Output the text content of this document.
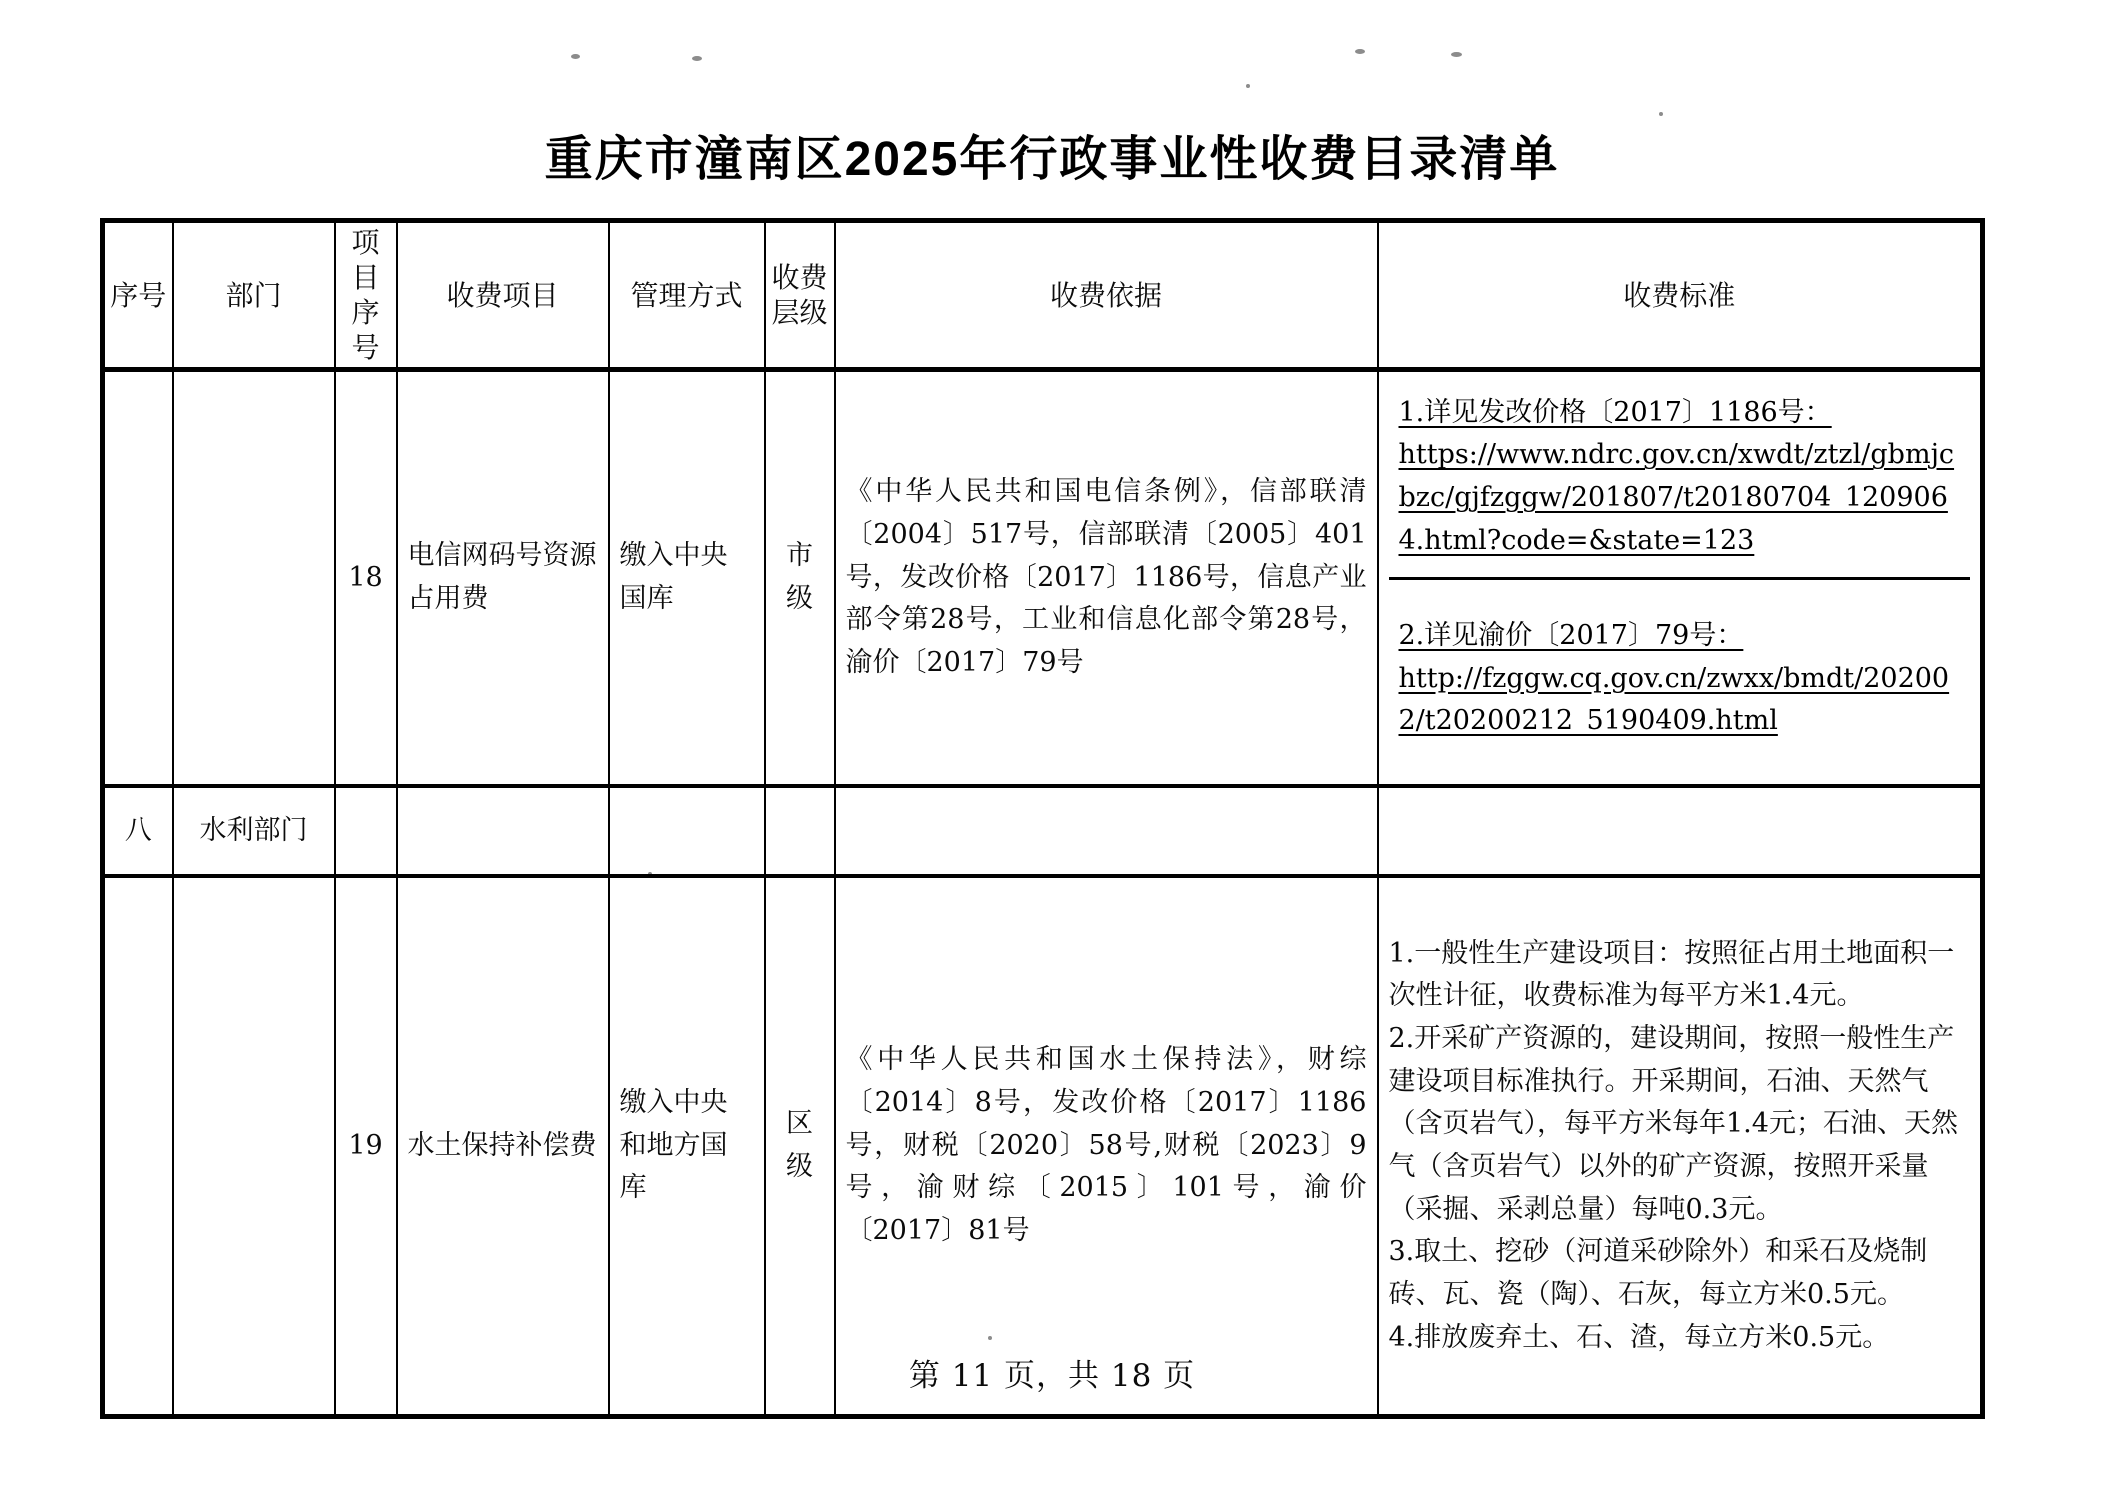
重庆市潼南区2025年行政事业性收费目录清单
序号	部门	项目序号	收费项目	管理方式	收费层级	收费依据	收费标准
		18	电信网码号资源占用费	缴入中央国库	市级	《中华人民共和国电信条例》，信部联清〔2004〕517号，信部联清〔2005〕401号，发改价格〔2017〕1186号，信息产业部令第28号，工业和信息化部令第28号，渝价〔2017〕79号	1.详见发改价格〔2017〕1186号：
https://www.ndrc.gov.cn/xwdt/ztzl/gbmjcbzc/gjfzggw/201807/t20180704_1209064.html?code=&state=123
2.详见渝价〔2017〕79号：
http://fzggw.cq.gov.cn/zwxx/bmdt/202002/t20200212_5190409.html

八	水利部门						
		19	水土保持补偿费	缴入中央和地方国库	区级	《中华人民共和国水土保持法》，财综〔2014〕8号，发改价格〔2017〕1186号，财税〔2020〕58号,财税〔2023〕9号，渝财综〔2015〕101号，渝价〔2017〕81号	1.一般性生产建设项目：按照征占用土地面积一次性计征，收费标准为每平方米1.4元。
2.开采矿产资源的，建设期间，按照一般性生产建设项目标准执行。开采期间，石油、天然气（含页岩气），每平方米每年1.4元；石油、天然气（含页岩气）以外的矿产资源，按照开采量（采掘、采剥总量）每吨0.3元。
3.取土、挖砂（河道采砂除外）和采石及烧制砖、瓦、瓷（陶）、石灰，每立方米0.5元。
4.排放废弃土、石、渣，每立方米0.5元。
第 11 页，共 18 页
